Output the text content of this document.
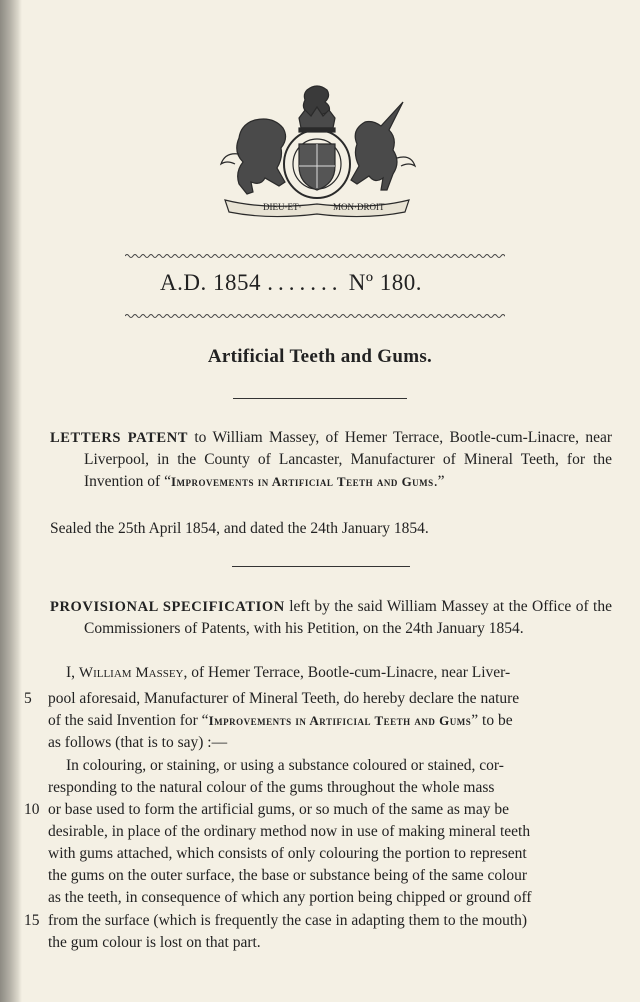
DIEU·ET·	MON·DROIT
A.D. 1854 ....... Nº 180.
Artificial Teeth and Gums.
LETTERS PATENT to William Massey, of Hemer Terrace, Bootle-cum-Linacre, near Liverpool, in the County of Lancaster, Manufacturer of Mineral Teeth, for the Invention of “Improvements in Artificial Teeth and Gums.”
Sealed the 25th April 1854, and dated the 24th January 1854.
PROVISIONAL SPECIFICATION left by the said William Massey at the Office of the Commissioners of Patents, with his Petition, on the 24th January 1854.
I, William Massey, of Hemer Terrace, Bootle-cum-Linacre, near Liver-
5 pool aforesaid, Manufacturer of Mineral Teeth, do hereby declare the nature
of the said Invention for “Improvements in Artificial Teeth and Gums” to be
as follows (that is to say) :—
In colouring, or staining, or using a substance coloured or stained, cor-
responding to the natural colour of the gums throughout the whole mass
10 or base used to form the artificial gums, or so much of the same as may be
desirable, in place of the ordinary method now in use of making mineral teeth
with gums attached, which consists of only colouring the portion to represent
the gums on the outer surface, the base or substance being of the same colour
as the teeth, in consequence of which any portion being chipped or ground off
15 from the surface (which is frequently the case in adapting them to the mouth)
the gum colour is lost on that part.
